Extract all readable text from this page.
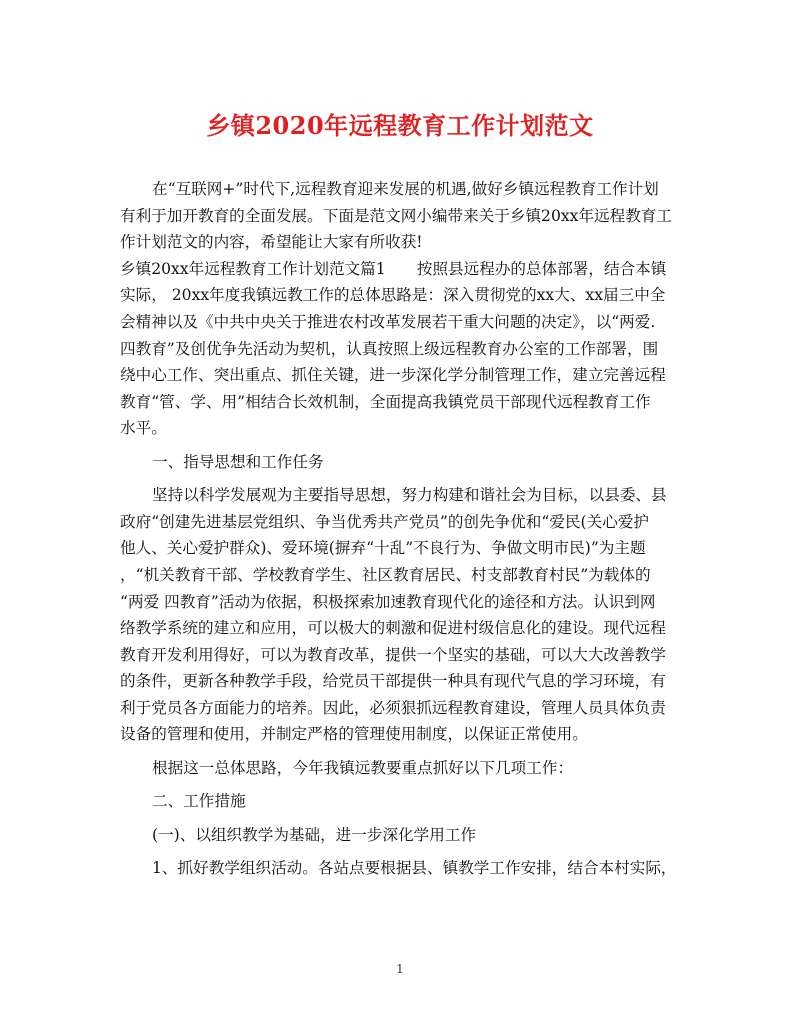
乡镇2020年远程教育工作计划范文
在“互联网+”时代下,远程教育迎来发展的机遇,做好乡镇远程教育工作计划
有利于加开教育的全面发展。下面是范文网小编带来关于乡镇20xx年远程教育工
作计划范文的内容，希望能让大家有所收获!
乡镇20xx年远程教育工作计划范文篇1　　按照县远程办的总体部署，结合本镇
实际， 20xx年度我镇远教工作的总体思路是：深入贯彻党的xx大、xx届三中全
会精神以及《中共中央关于推进农村改革发展若干重大问题的决定》，以“两爱.
四教育”及创优争先活动为契机，认真按照上级远程教育办公室的工作部署，围
绕中心工作、突出重点、抓住关键，进一步深化学分制管理工作，建立完善远程
教育“管、学、用”相结合长效机制，全面提高我镇党员干部现代远程教育工作
水平。
一、指导思想和工作任务
坚持以科学发展观为主要指导思想，努力构建和谐社会为目标，以县委、县
政府“创建先进基层党组织、争当优秀共产党员”的创先争优和“爱民(关心爱护
他人、关心爱护群众)、爱环境(摒弃“十乱”不良行为、争做文明市民)”为主题
，“机关教育干部、学校教育学生、社区教育居民、村支部教育村民”为载体的
“两爱 四教育”活动为依据，积极探索加速教育现代化的途径和方法。认识到网
络教学系统的建立和应用，可以极大的刺激和促进村级信息化的建设。现代远程
教育开发利用得好，可以为教育改革，提供一个坚实的基础，可以大大改善教学
的条件，更新各种教学手段，给党员干部提供一种具有现代气息的学习环境，有
利于党员各方面能力的培养。因此，必须狠抓远程教育建设，管理人员具体负责
设备的管理和使用，并制定严格的管理使用制度，以保证正常使用。
根据这一总体思路，今年我镇远教要重点抓好以下几项工作：
二、工作措施
(一)、以组织教学为基础，进一步深化学用工作
1、抓好教学组织活动。各站点要根据县、镇教学工作安排，结合本村实际，
1
